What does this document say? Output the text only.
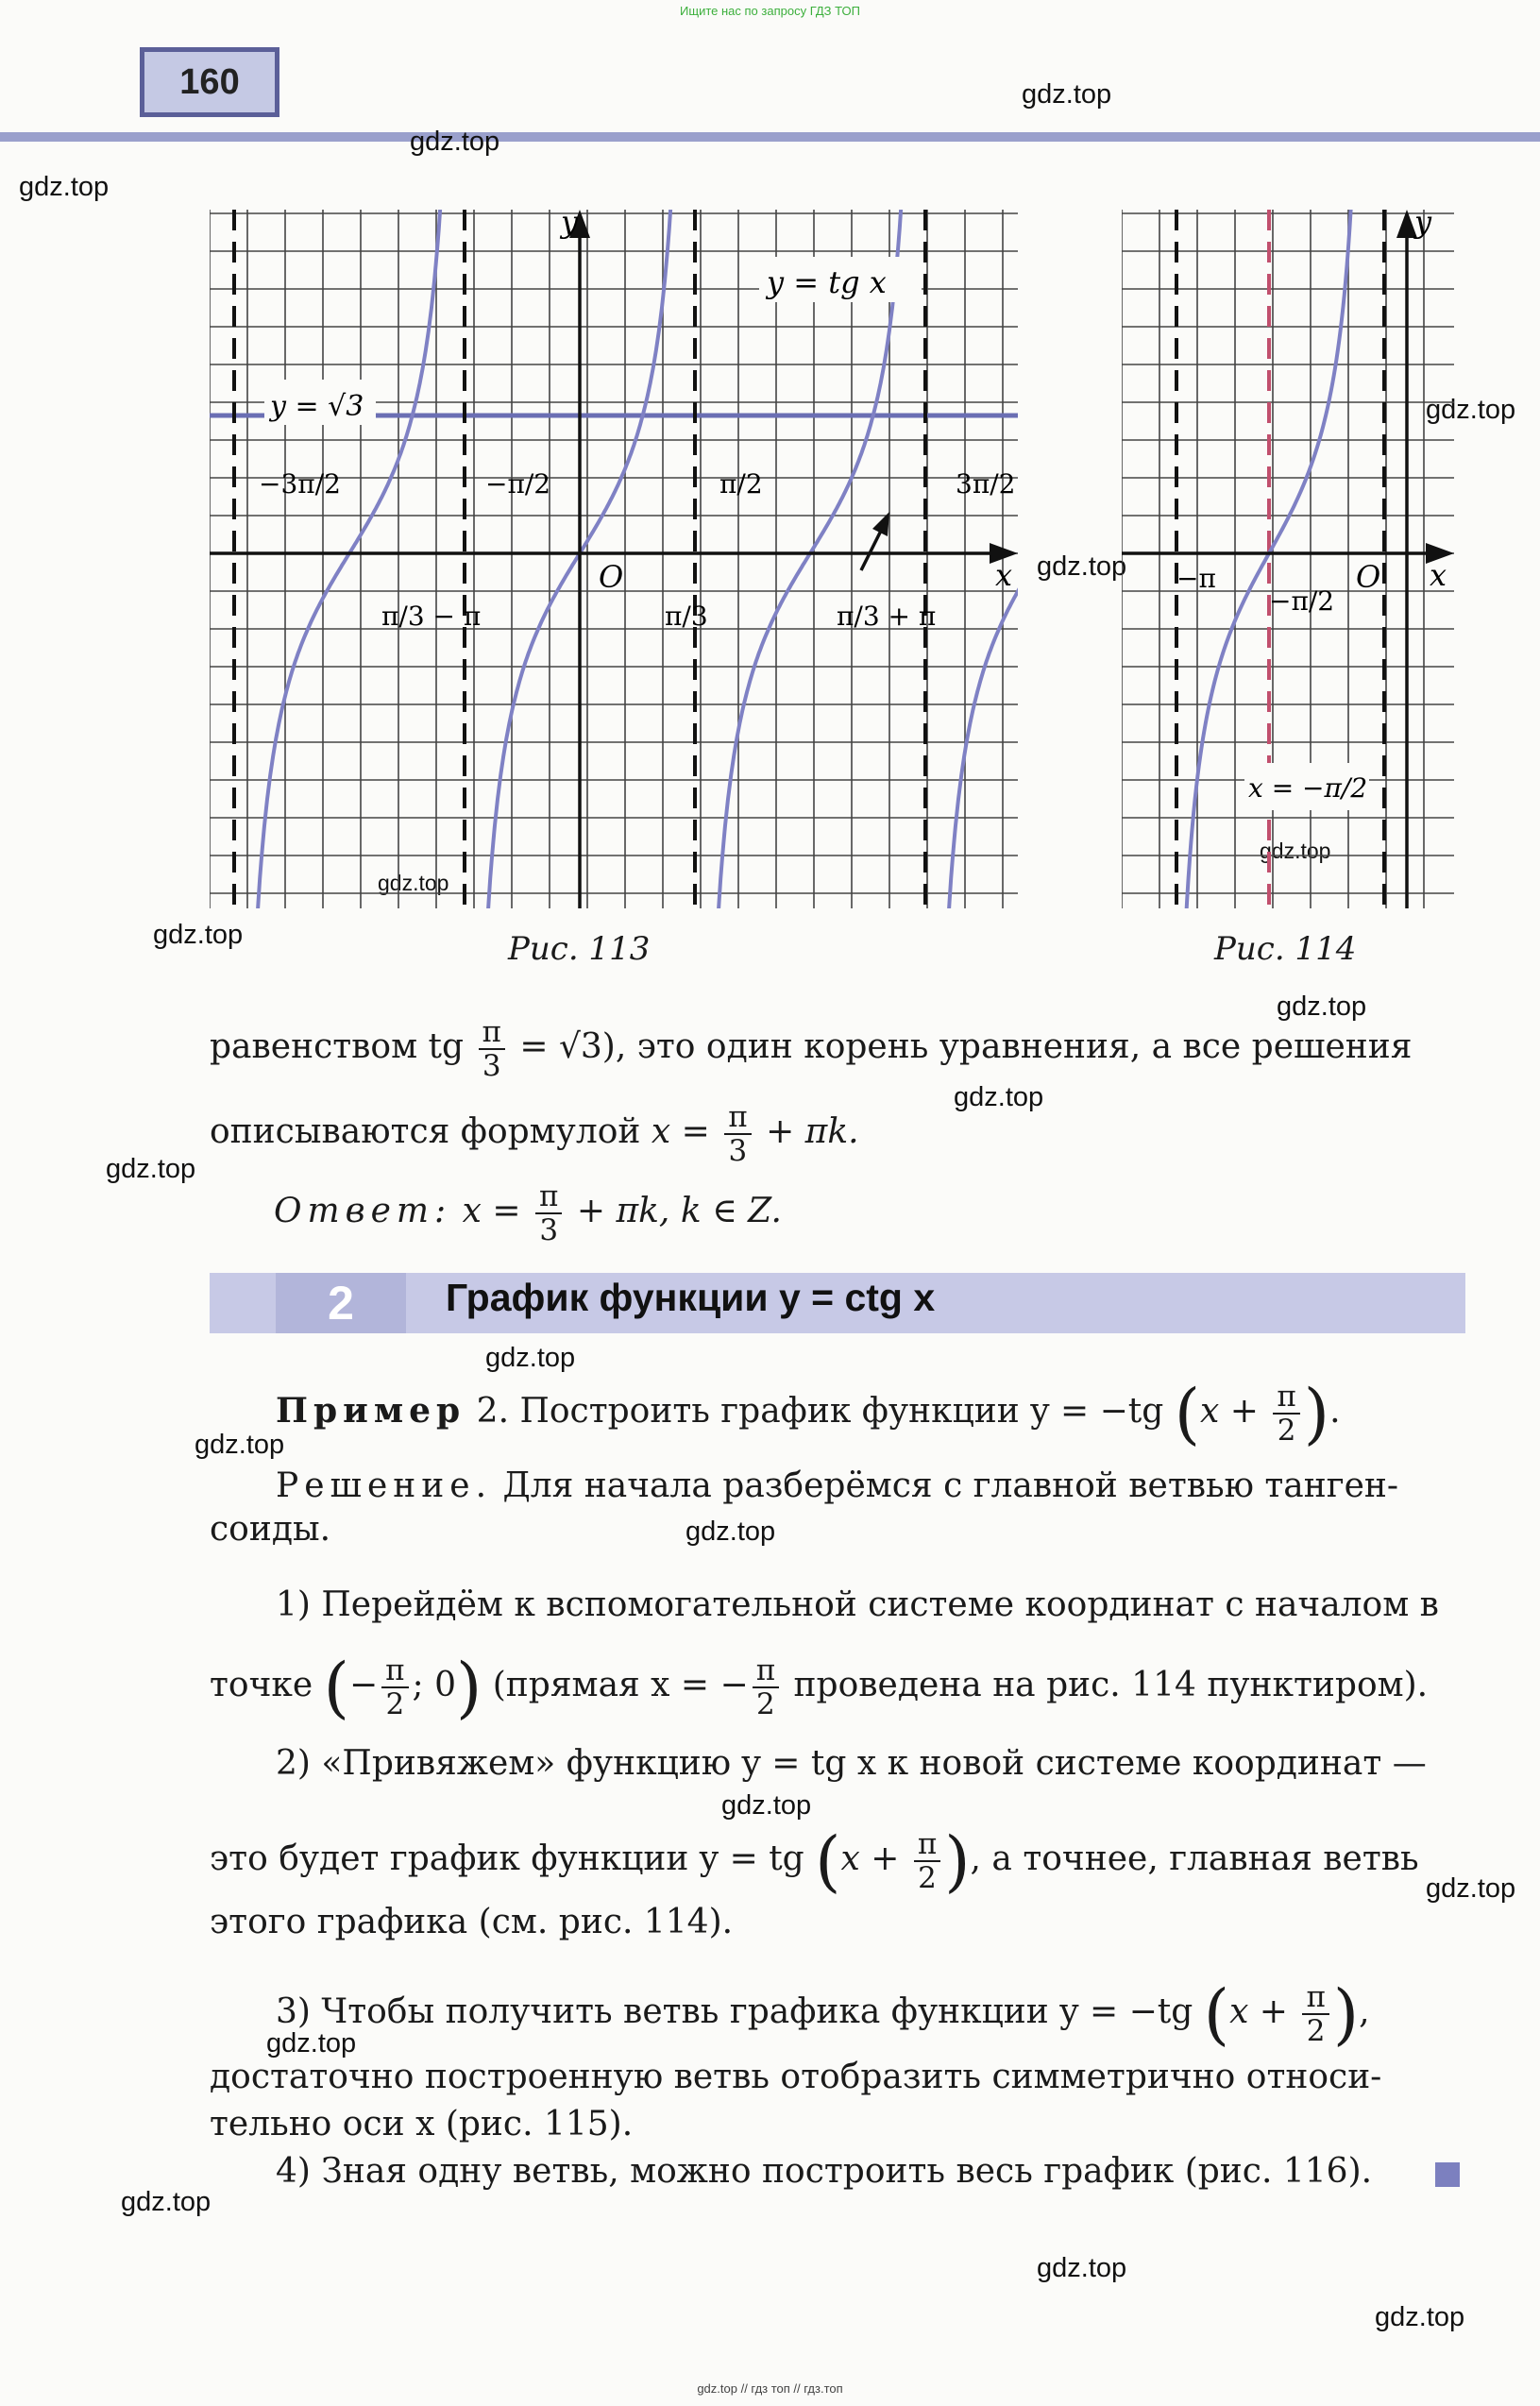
Ищите нас по запросу ГДЗ ТОП
160	gdz.top
gdz.top
gdz.top
gdz.top
gdz.top
gdz.top
gdz.top
gdz.top
gdz.top
gdz.top
gdz.top
gdz.top
gdz.top
gdz.top
gdz.top
gdz.top
gdz.top
gdz.top
gdz.top
gdz.top
y = √3
y = tg x
x
y
O
−3π/2	−π/2	π/2	3π/2
π/3 − π	π/3	π/3 + π
Рис. 113
x
y
O
−π
−π/2
x = −π/2
Рис. 114
равенством tg $\frac{\pi}{3} = √3$), это один корень уравнения, а все решения
описываются формулой $x = \frac{\pi}{3} + \pi k$.
Ответ: $x = \frac{\pi}{3} + \pi k$, k ∈ Z.
2	График функции y = ctg x
Пример 2. Построить график функции y = −tg ($x + \frac{\pi}{2}$ ).
Решение. Для начала разберёмся с главной ветвью танген-
соиды.
1) Перейдём к вспомогательной системе координат с началом в
точке (− $\frac{\pi}{2}$ ; 0) (прямая x = − $\frac{\pi}{2}$ проведена на рис. 114 пунктиром).
2) «Привяжем» функцию y = tg x к новой системе координат —
это будет график функции y = tg ($x + \frac{\pi}{2}$ ), а точнее, главная ветвь
этого графика (см. рис. 114).
3) Чтобы получить ветвь графика функции y = −tg ($x + \frac{\pi}{2}$ ),
достаточно построенную ветвь отобразить симметрично относи-
тельно оси x (рис. 115).
4) Зная одну ветвь, можно построить весь график (рис. 116).
gdz.top // гдз топ // гдз.топ
